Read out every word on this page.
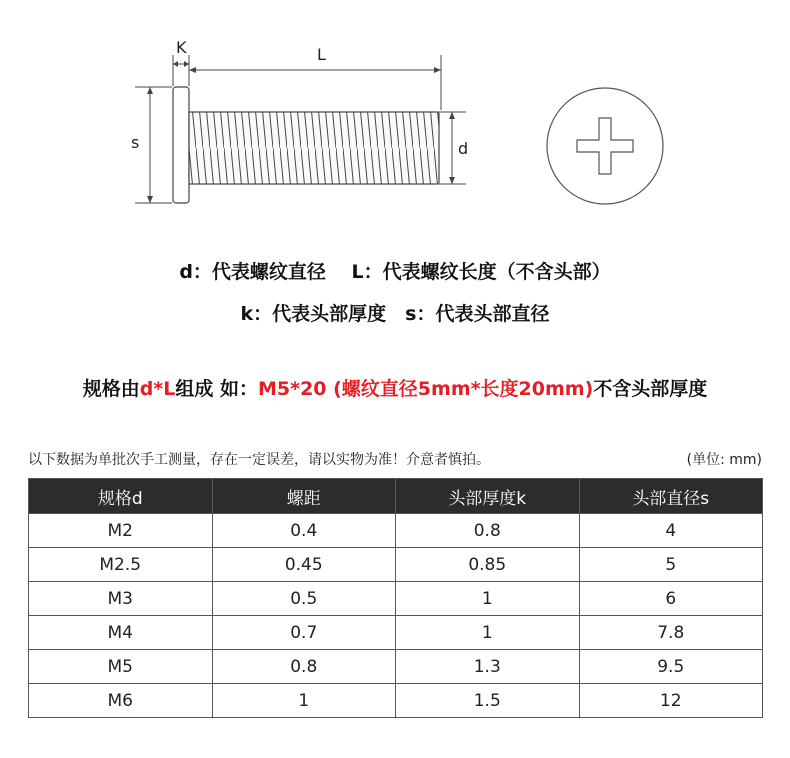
K	L
s	d
d：代表螺纹直径　 L：代表螺纹长度（不含头部）
k：代表头部厚度　s：代表头部直径
规格由d*L组成 如：M5*20 (螺纹直径5mm*长度20mm)不含头部厚度
以下数据为单批次手工测量，存在一定误差，请以实物为准！介意者慎拍。	(单位: mm)
规格d	螺距	头部厚度k	头部直径s
M2	0.4	0.8	4
M2.5	0.45	0.85	5
M3	0.5	1	6
M4	0.7	1	7.8
M5	0.8	1.3	9.5
M6	1	1.5	12
